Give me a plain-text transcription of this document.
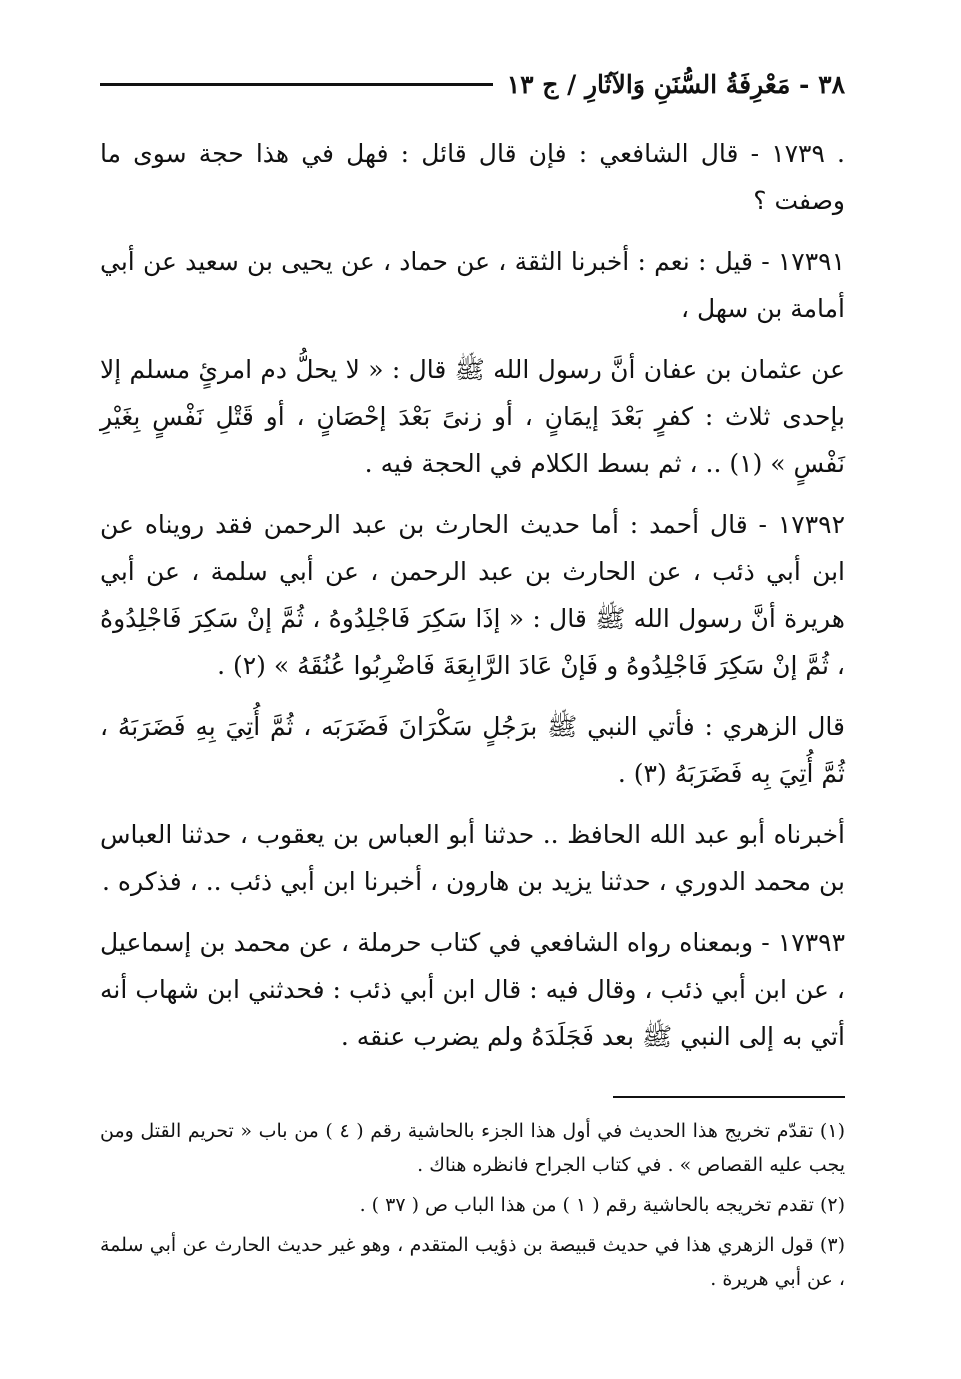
٣٨ - مَعْرِفَةُ السُّنَنِ وَالآثَارِ / ج ١٣

. ١٧٣٩ - قال الشافعي : فإن قال قائل : فهل في هذا حجة سوى ما وصفت ؟

١٧٣٩١ - قيل : نعم : أخبرنا الثقة ، عن حماد ، عن يحيى بن سعيد عن أبي أمامة بن سهل ،

عن عثمان بن عفان أنَّ رسول الله ﷺ قال : « لا يحلُّ دم امرئٍ مسلم إلا بإحدى ثلاث : كفرٍ بَعْدَ إيمَانٍ ، أو زنىً بَعْدَ إحْصَانٍ ، أو قَتْلِ نَفْسٍ بِغَيْرِ نَفْسٍ » (١) .. ، ثم بسط الكلام في الحجة فيه .

١٧٣٩٢ - قال أحمد : أما حديث الحارث بن عبد الرحمن فقد رويناه عن ابن أبي ذئب ، عن الحارث بن عبد الرحمن ، عن أبي سلمة ، عن أبي هريرة أنَّ رسول الله ﷺ قال : « إذَا سَكِرَ فَاجْلِدُوهُ ، ثُمَّ إنْ سَكِرَ فَاجْلِدُوهُ ، ثُمَّ إنْ سَكِرَ فَاجْلِدُوهُ و فَإنْ عَادَ الرَّابِعَةَ فَاضْرِبُوا عُنُقَهُ » (٢) .

قال الزهري : فأتي النبي ﷺ برَجُلٍ سَكْرَانَ فَضَرَبَه ، ثُمَّ أُتِيَ بِهِ فَضَرَبَهُ ، ثُمَّ أُتِيَ بِه فَضَرَبَهُ (٣) .

أخبرناه أبو عبد الله الحافظ .. حدثنا أبو العباس بن يعقوب ، حدثنا العباس بن محمد الدوري ، حدثنا يزيد بن هارون ، أخبرنا ابن أبي ذئب .. ، فذكره .

١٧٣٩٣ - وبمعناه رواه الشافعي في كتاب حرملة ، عن محمد بن إسماعيل ، عن ابن أبي ذئب ، وقال فيه : قال ابن أبي ذئب : فحدثني ابن شهاب أنه أتي به إلى النبي ﷺ بعد فَجَلَدَهُ ولم يضرب عنقه .

(١) تقدّم تخريج هذا الحديث في أول هذا الجزء بالحاشية رقم ( ٤ ) من باب « تحريم القتل ومن يجب عليه القصاص » . في كتاب الجراح فانظره هناك .

(٢) تقدم تخريجه بالحاشية رقم ( ١ ) من هذا الباب ص ( ٣٧ ) .

(٣) قول الزهري هذا في حديث قبيصة بن ذؤيب المتقدم ، وهو غير حديث الحارث عن أبي سلمة ، عن أبي هريرة .
